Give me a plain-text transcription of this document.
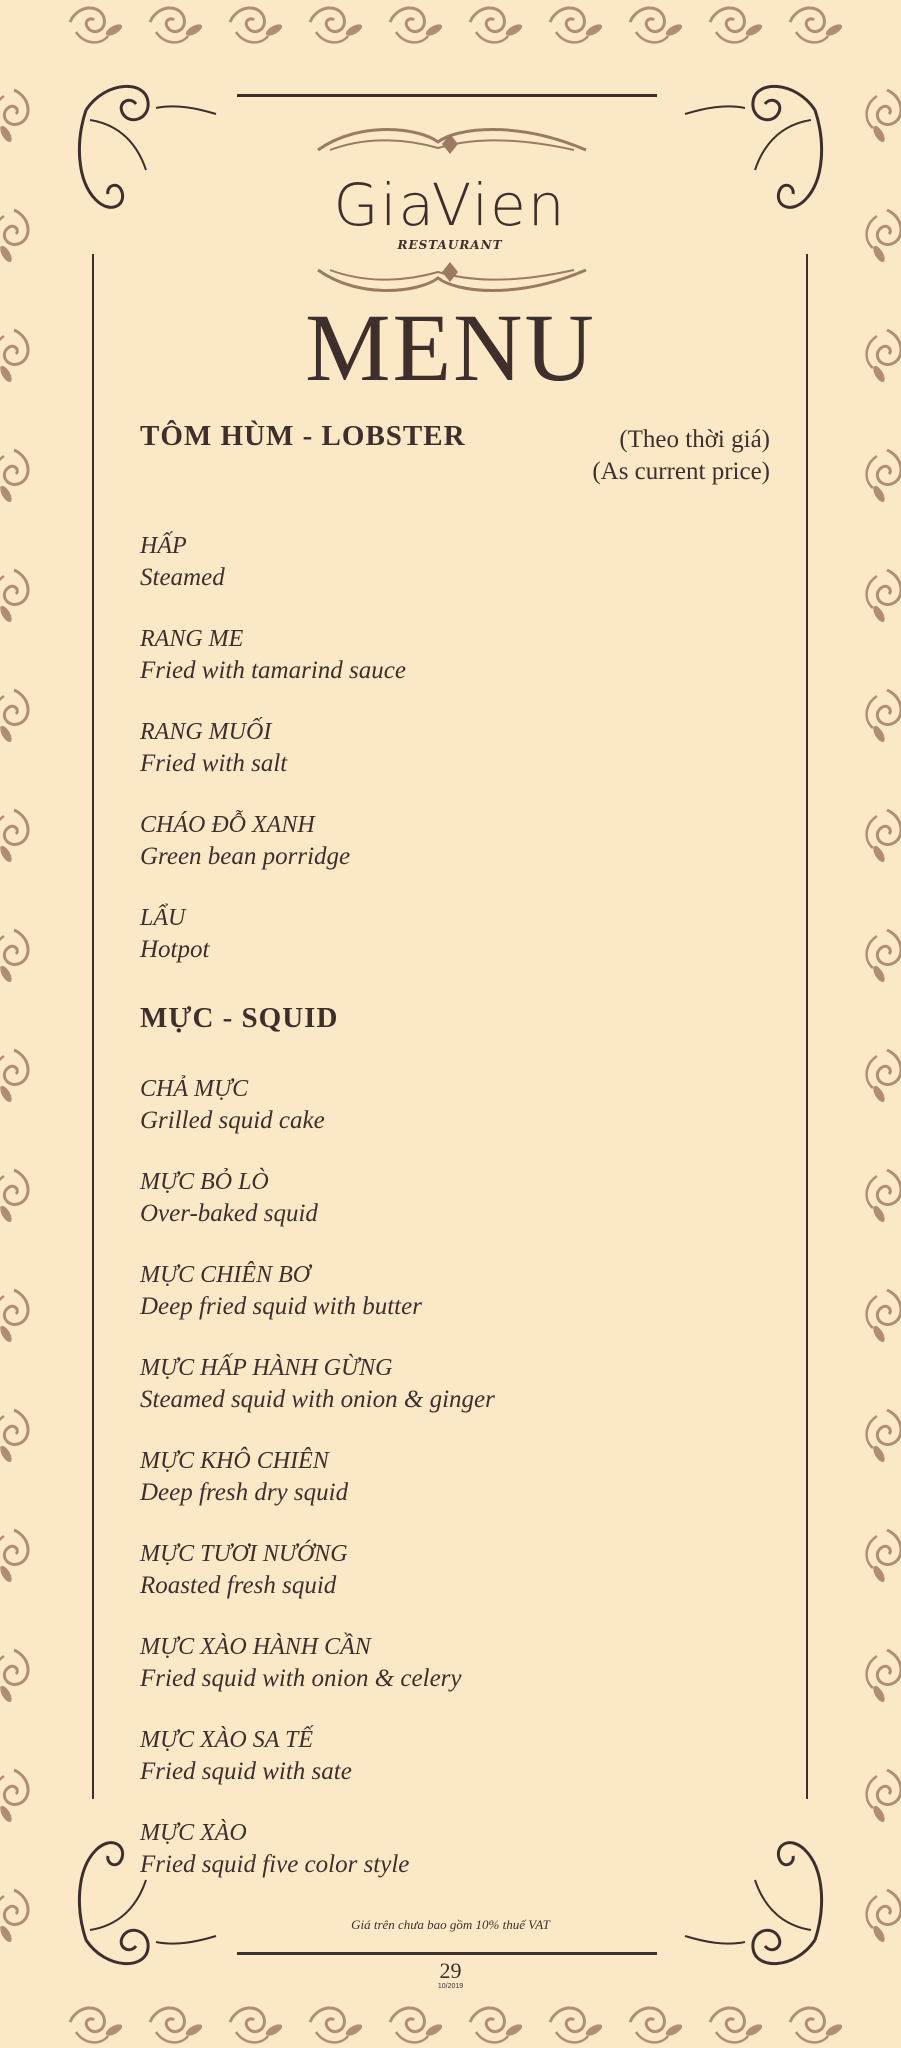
GiaVien
RESTAURANT
MENU
TÔM HÙM - LOBSTER	(Theo thời giá)
(As current price)
HẤP
Steamed
RANG ME
Fried with tamarind sauce
RANG MUỐI
Fried with salt
CHÁO ĐỖ XANH
Green bean porridge
LẨU
Hotpot
MỰC - SQUID
CHẢ MỰC
Grilled squid cake
MỰC BỎ LÒ
Over-baked squid
MỰC CHIÊN BƠ
Deep fried squid with butter
MỰC HẤP HÀNH GỪNG
Steamed squid with onion & ginger
MỰC KHÔ CHIÊN
Deep fresh dry squid
MỰC TƯƠI NƯỚNG
Roasted fresh squid
MỰC XÀO HÀNH CẦN
Fried squid with onion & celery
MỰC XÀO SA TẾ
Fried squid with sate
MỰC XÀO
Fried squid five color style
Giá trên chưa bao gồm 10% thuế VAT
29
10/2019
